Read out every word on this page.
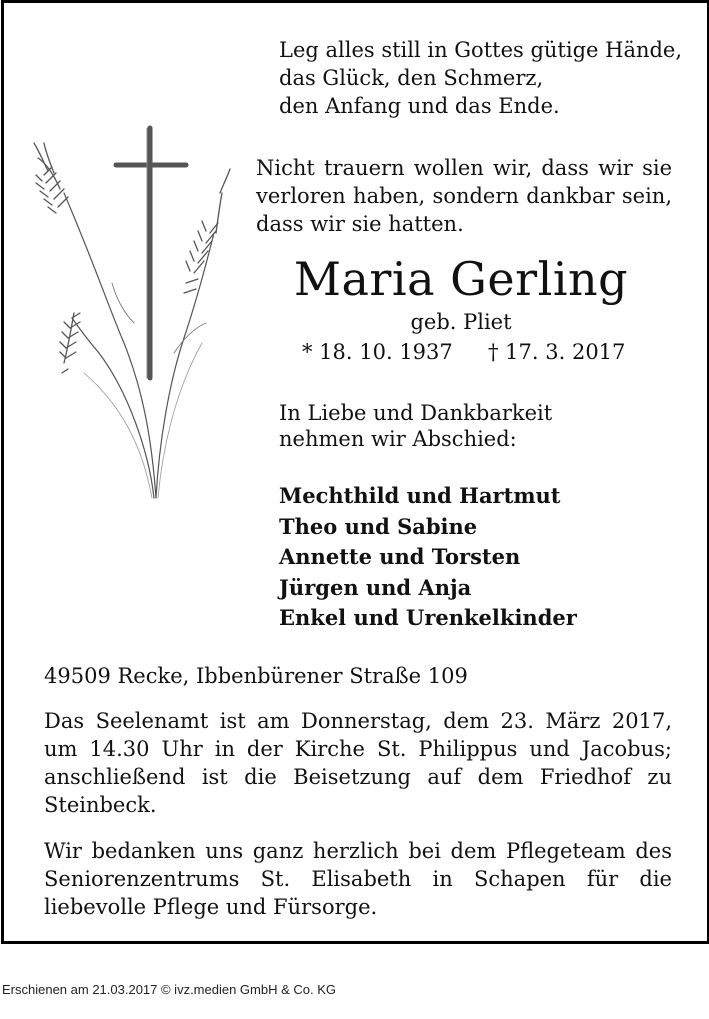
Leg alles still in Gottes gütige Hände,
das Glück, den Schmerz,
den Anfang und das Ende.

Nicht trauern wollen wir, dass wir sie verloren haben, sondern dankbar sein, dass wir sie hatten.

Maria Gerling
geb. Pliet
* 18. 10. 1937 † 17. 3. 2017
In Liebe und Dankbarkeit
nehmen wir Abschied:
Mechthild und Hartmut
Theo und Sabine
Annette und Torsten
Jürgen und Anja
Enkel und Urenkelkinder
49509 Recke, Ibbenbürener Straße 109

Das Seelenamt ist am Donnerstag, dem 23. März 2017, um 14.30 Uhr in der Kirche St. Philippus und Jacobus; anschließend ist die Beisetzung auf dem Friedhof zu Steinbeck.

Wir bedanken uns ganz herzlich bei dem Pflegeteam des Seniorenzentrums St. Elisabeth in Schapen für die liebevolle Pflege und Fürsorge.

Erschienen am 21.03.2017 © ivz.medien GmbH & Co. KG
